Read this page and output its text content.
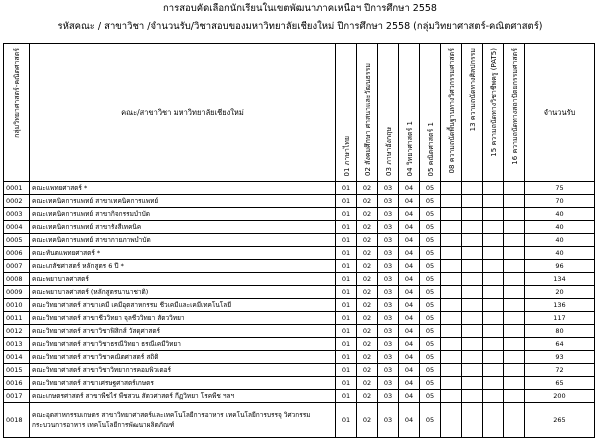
การสอบคัดเลือกนักเรียนในเขตพัฒนาภาคเหนือฯ ปีการศึกษา 2558
รหัสคณะ / สาขาวิชา /จำนวนรับ/วิชาสอบของมหาวิทยาลัยเชียงใหม่ ปีการศึกษา 2558 (กลุ่มวิทยาศาสตร์-คณิตศาสตร์)
กลุ่มวิทยาศาสตร์-คณิตศาสตร์	คณะ/สาขาวิชา มหาวิทยาลัยเชียงใหม่	01 ภาษาไทย	02 สังคมศึกษา ศาสนาและวัฒนธรรม	03 ภาษาอังกฤษ	04 วิทยาศาสตร์ 1	05 คณิตศาสตร์ 1	08 ความถนัดพื้นฐานทางวิศวกรรมศาสตร์	13 ความถนัดทางศิลปกรรม	15 ความถนัดทางวิชาชีพครู (PAT5)	16 ความถนัดทางสถาปัตยกรรมศาสตร์	จำนวนรับ
0001	คณะแพทยศาสตร์ *	01	02	03	04	05					75
0002	คณะเทคนิคการแพทย์ สาขาเทคนิคการแพทย์	01	02	03	04	05					70
0003	คณะเทคนิคการแพทย์ สาขากิจกรรมบำบัด	01	02	03	04	05					40
0004	คณะเทคนิคการแพทย์ สาขารังสีเทคนิค	01	02	03	04	05					40
0005	คณะเทคนิคการแพทย์ สาขากายภาพบำบัด	01	02	03	04	05					40
0006	คณะทันตแพทยศาสตร์ *	01	02	03	04	05					40
0007	คณะเภสัชศาสตร์ หลักสูตร 6 ปี *	01	02	03	04	05					96
0008	คณะพยาบาลศาสตร์	01	02	03	04	05					134
0009	คณะพยาบาลศาสตร์ (หลักสูตรนานาชาติ)	01	02	03	04	05					20
0010	คณะวิทยาศาสตร์ สาขาเคมี เคมีอุตสาหกรรม ชีวเคมีและเคมีเทคโนโลยี	01	02	03	04	05					136
0011	คณะวิทยาศาสตร์ สาขาชีววิทยา จุลชีววิทยา สัตววิทยา	01	02	03	04	05					117
0012	คณะวิทยาศาสตร์ สาขาวิชาฟิสิกส์ วัสดุศาสตร์	01	02	03	04	05					80
0013	คณะวิทยาศาสตร์ สาขาวิชาธรณีวิทยา ธรณีเคมีวิทยา	01	02	03	04	05					64
0014	คณะวิทยาศาสตร์ สาขาวิชาคณิตศาสตร์ สถิติ	01	02	03	04	05					93
0015	คณะวิทยาศาสตร์ สาขาวิชาวิทยาการคอมพิวเตอร์	01	02	03	04	05					72
0016	คณะวิทยาศาสตร์ สาขาเศรษฐศาสตร์เกษตร	01	02	03	04	05					65
0017	คณะเกษตรศาสตร์ สาขาพืชไร่ พืชสวน สัตวศาสตร์ กีฏวิทยา โรคพืช ฯลฯ	01	02	03	04	05					200
0018	คณะอุตสาหกรรมเกษตร สาขาวิทยาศาสตร์และเทคโนโลยีการอาหาร เทคโนโลยีการบรรจุ วิศวกรรมกระบวนการอาหาร เทคโนโลยีการพัฒนาผลิตภัณฑ์	01	02	03	04	05					265
